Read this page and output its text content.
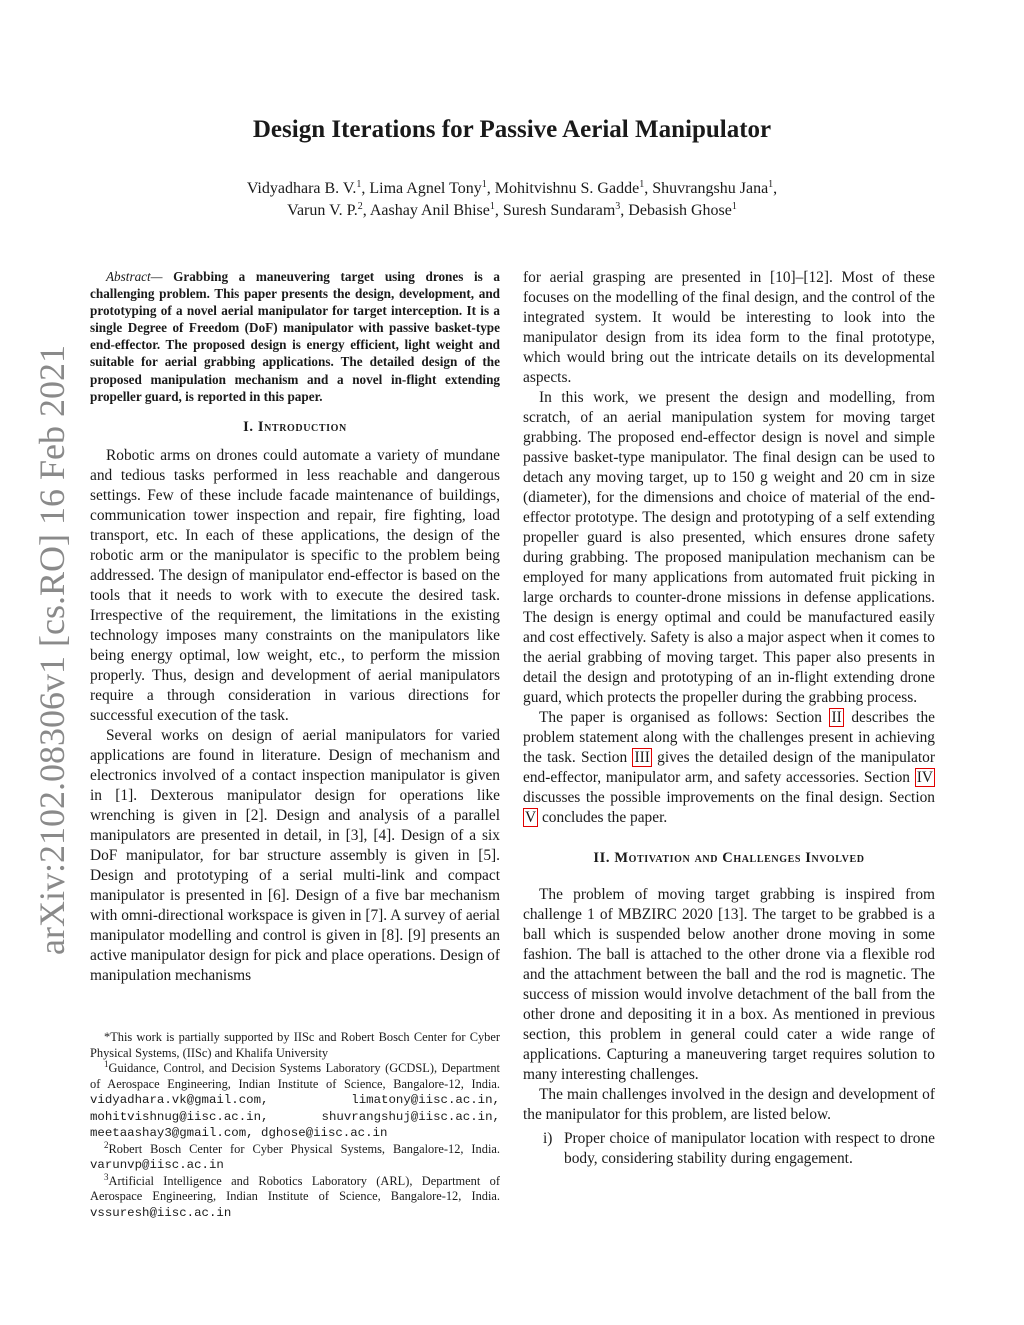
arXiv:2102.08306v1 [cs.RO] 16 Feb 2021
Design Iterations for Passive Aerial Manipulator
Vidyadhara B. V.$^1$, Lima Agnel Tony$^1$, Mohitvishnu S. Gadde$^1$, Shuvrangshu Jana$^1$,
Varun V. P.$^2$, Aashay Anil Bhise$^1$, Suresh Sundaram$^3$, Debasish Ghose$^1$

Abstract— Grabbing a maneuvering target using drones is a challenging problem. This paper presents the design, development, and prototyping of a novel aerial manipulator for target interception. It is a single Degree of Freedom (DoF) manipulator with passive basket-type end-effector. The proposed design is energy efficient, light weight and suitable for aerial grabbing applications. The detailed design of the proposed manipulation mechanism and a novel in-flight extending propeller guard, is reported in this paper.

I. Introduction

Robotic arms on drones could automate a variety of mundane and tedious tasks performed in less reachable and dangerous settings. Few of these include facade maintenance of buildings, communication tower inspection and repair, fire fighting, load transport, etc. In each of these applications, the design of the robotic arm or the manipulator is specific to the problem being addressed. The design of manipulator end-effector is based on the tools that it needs to work with to execute the desired task. Irrespective of the requirement, the limitations in the existing technology imposes many constraints on the manipulators like being energy optimal, low weight, etc., to perform the mission properly. Thus, design and development of aerial manipulators require a through consideration in various directions for successful execution of the task.

Several works on design of aerial manipulators for varied applications are found in literature. Design of mechanism and electronics involved of a contact inspection manipulator is given in [1]. Dexterous manipulator design for operations like wrenching is given in [2]. Design and analysis of a parallel manipulators are presented in detail, in [3], [4]. Design of a six DoF manipulator, for bar structure assembly is given in [5]. Design and prototyping of a serial multi-link and compact manipulator is presented in [6]. Design of a five bar mechanism with omni-directional workspace is given in [7]. A survey of aerial manipulator modelling and control is given in [8]. [9] presents an active manipulator design for pick and place operations. Design of manipulation mechanisms

*This work is partially supported by IISc and Robert Bosch Center for Cyber Physical Systems, (IISc) and Khalifa University

$^1$Guidance, Control, and Decision Systems Laboratory (GCDSL), Department of Aerospace Engineering, Indian Institute of Science, Bangalore-12, India. vidyadhara.vk@gmail.com, limatony@iisc.ac.in, mohitvishnug@iisc.ac.in, shuvrangshuj@iisc.ac.in, meetaashay3@gmail.com, dghose@iisc.ac.in

$^2$Robert Bosch Center for Cyber Physical Systems, Bangalore-12, India. varunvp@iisc.ac.in

$^3$Artificial Intelligence and Robotics Laboratory (ARL), Department of Aerospace Engineering, Indian Institute of Science, Bangalore-12, India. vssuresh@iisc.ac.in

for aerial grasping are presented in [10]–[12]. Most of these focuses on the modelling of the final design, and the control of the integrated system. It would be interesting to look into the manipulator design from its idea form to the final prototype, which would bring out the intricate details on its developmental aspects.

In this work, we present the design and modelling, from scratch, of an aerial manipulation system for moving target grabbing. The proposed end-effector design is novel and simple passive basket-type manipulator. The final design can be used to detach any moving target, up to 150 g weight and 20 cm in size (diameter), for the dimensions and choice of material of the end-effector prototype. The design and prototyping of a self extending propeller guard is also presented, which ensures drone safety during grabbing. The proposed manipulation mechanism can be employed for many applications from automated fruit picking in large orchards to counter-drone missions in defense applications. The design is energy optimal and could be manufactured easily and cost effectively. Safety is also a major aspect when it comes to the aerial grabbing of moving target. This paper also presents in detail the design and prototyping of an in-flight extending drone guard, which protects the propeller during the grabbing process.

The paper is organised as follows: Section II describes the problem statement along with the challenges present in achieving the task. Section III gives the detailed design of the manipulator end-effector, manipulator arm, and safety accessories. Section IV discusses the possible improvements on the final design. Section V concludes the paper.

II. Motivation and Challenges Involved

The problem of moving target grabbing is inspired from challenge 1 of MBZIRC 2020 [13]. The target to be grabbed is a ball which is suspended below another drone moving in some fashion. The ball is attached to the other drone via a flexible rod and the attachment between the ball and the rod is magnetic. The success of mission would involve detachment of the ball from the other drone and depositing it in a box. As mentioned in previous section, this problem in general could cater a wide range of applications. Capturing a maneuvering target requires solution to many interesting challenges.

The main challenges involved in the design and development of the manipulator for this problem, are listed below.

i) Proper choice of manipulator location with respect to drone body, considering stability during engagement.
